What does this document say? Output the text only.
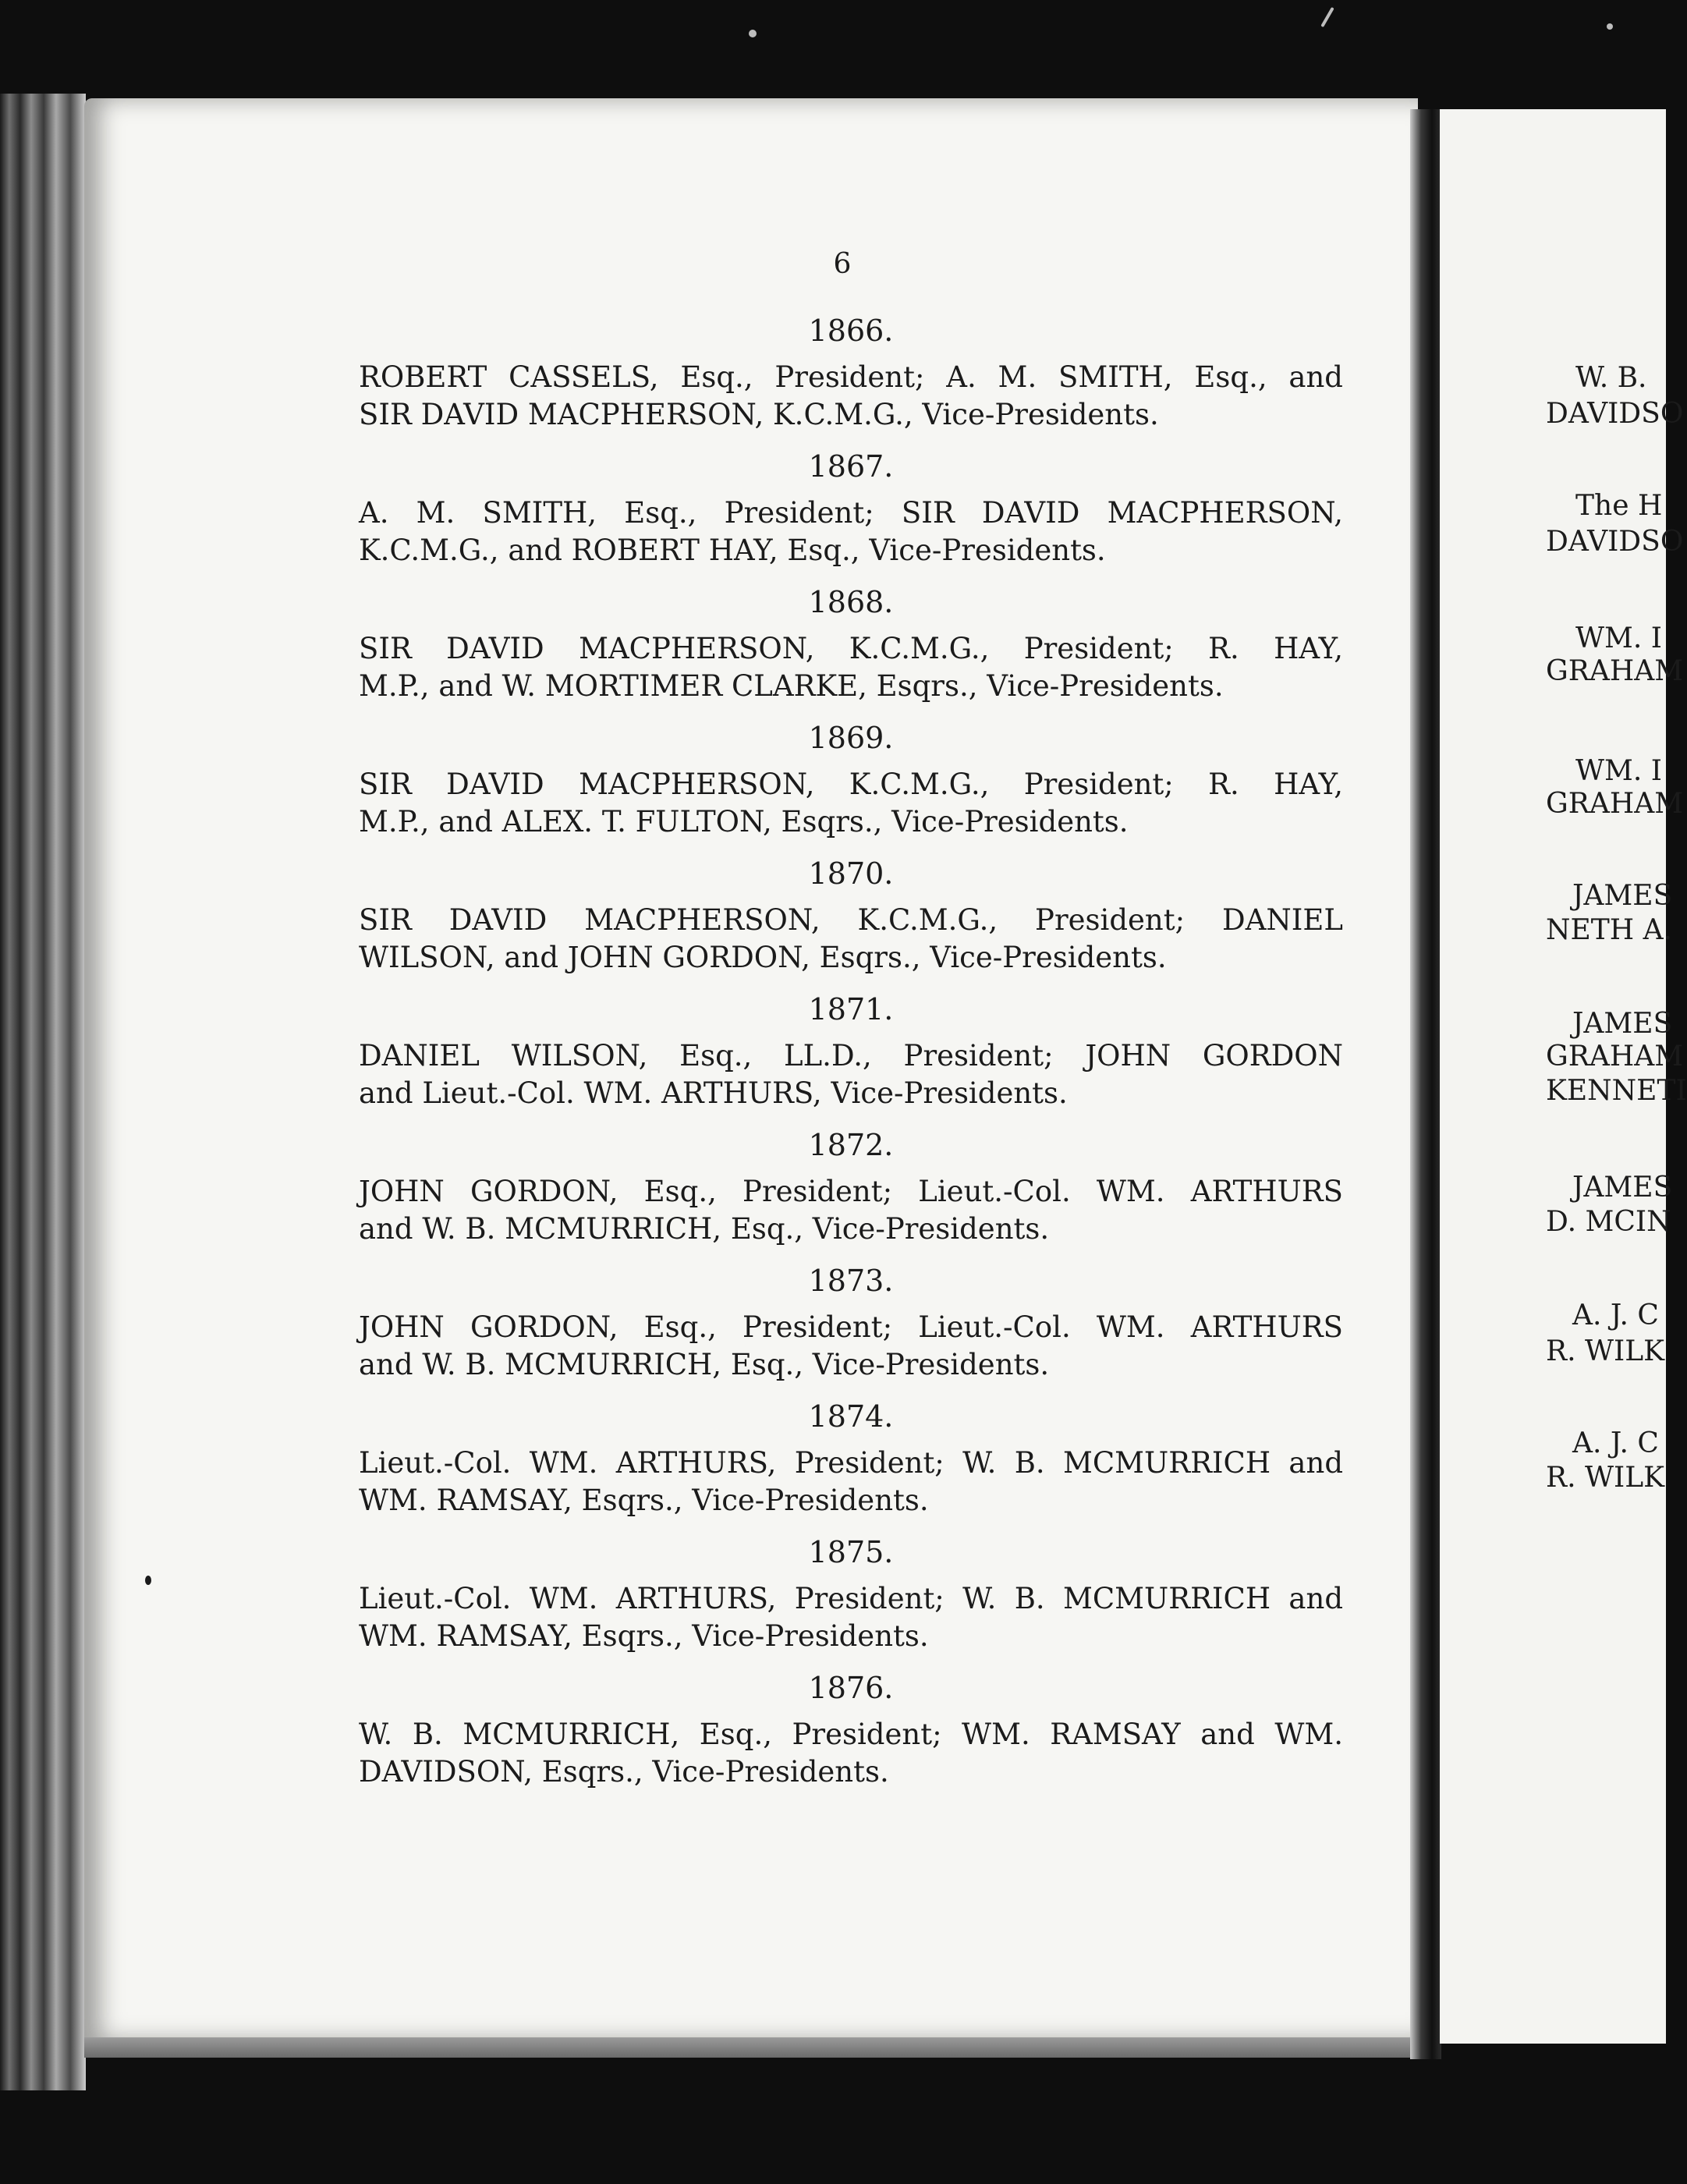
6
1866.
ROBERT CASSELS, Esq., President; A. M. SMITH, Esq., and
SIR DAVID MACPHERSON, K.C.M.G., Vice-Presidents.
1867.
A. M. SMITH, Esq., President; SIR DAVID MACPHERSON,
K.C.M.G., and ROBERT HAY, Esq., Vice-Presidents.
1868.
SIR DAVID MACPHERSON, K.C.M.G., President; R. HAY,
M.P., and W. MORTIMER CLARKE, Esqrs., Vice-Presidents.
1869.
SIR DAVID MACPHERSON, K.C.M.G., President; R. HAY,
M.P., and ALEX. T. FULTON, Esqrs., Vice-Presidents.
1870.
SIR DAVID MACPHERSON, K.C.M.G., President; DANIEL
WILSON, and JOHN GORDON, Esqrs., Vice-Presidents.
1871.
DANIEL WILSON, Esq., LL.D., President; JOHN GORDON
and Lieut.-Col. WM. ARTHURS, Vice-Presidents.
1872.
JOHN GORDON, Esq., President; Lieut.-Col. WM. ARTHURS
and W. B. MCMURRICH, Esq., Vice-Presidents.
1873.
JOHN GORDON, Esq., President; Lieut.-Col. WM. ARTHURS
and W. B. MCMURRICH, Esq., Vice-Presidents.
1874.
Lieut.-Col. WM. ARTHURS, President; W. B. MCMURRICH and
WM. RAMSAY, Esqrs., Vice-Presidents.
1875.
Lieut.-Col. WM. ARTHURS, President; W. B. MCMURRICH and
WM. RAMSAY, Esqrs., Vice-Presidents.
1876.
W. B. MCMURRICH, Esq., President; WM. RAMSAY and WM.
DAVIDSON, Esqrs., Vice-Presidents.
W. B.
DAVIDSO
The H
DAVIDSO
WM. I
GRAHAM
WM. I
GRAHAM
JAMES
NETH A.
JAMES
GRAHAM
KENNETI
JAMES
D. MCIN
A. J. C
R. WILK
A. J. C
R. WILK
